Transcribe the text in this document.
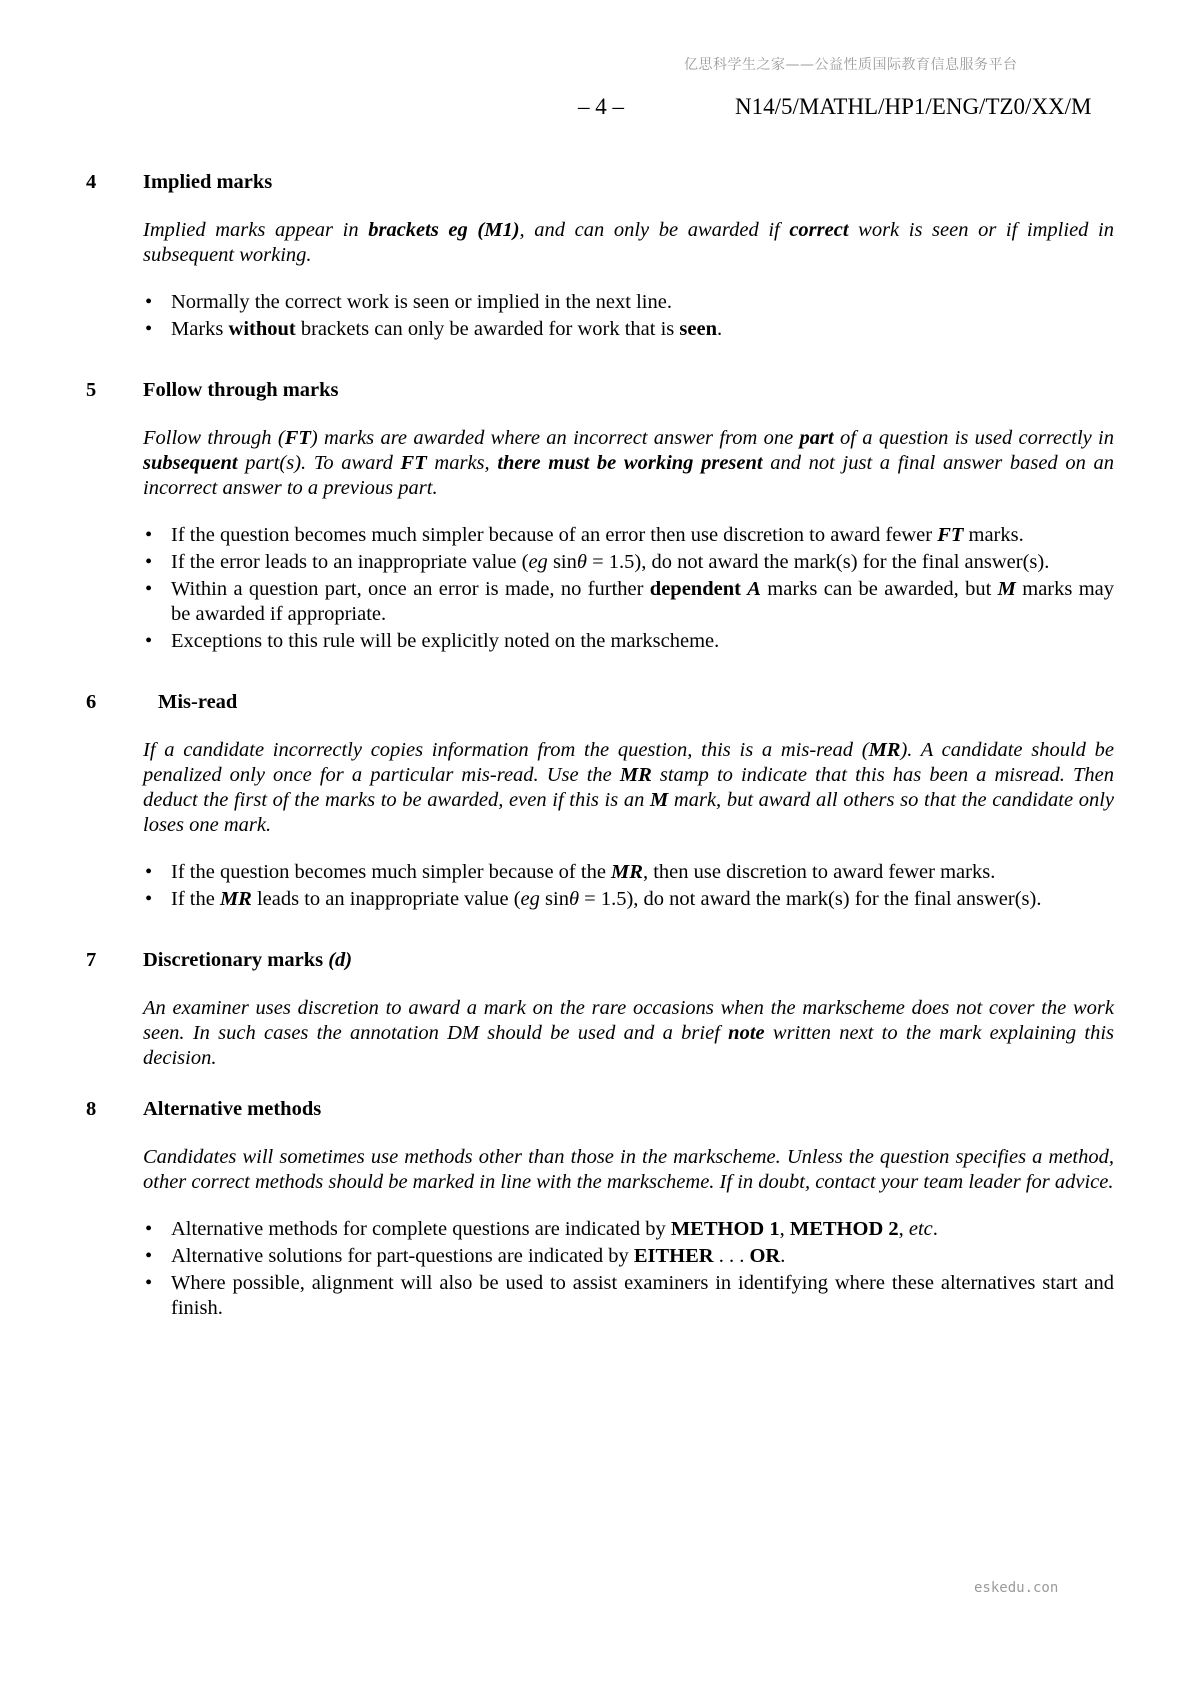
亿思科学生之家——公益性质国际教育信息服务平台
– 4 –	N14/5/MATHL/HP1/ENG/TZ0/XX/M
4 Implied marks

Implied marks appear in brackets eg (M1), and can only be awarded if correct work is seen or if implied in subsequent working.

• Normally the correct work is seen or implied in the next line.
• Marks without brackets can only be awarded for work that is seen.
5 Follow through marks

Follow through (FT) marks are awarded where an incorrect answer from one part of a question is used correctly in subsequent part(s). To award FT marks, there must be working present and not just a final answer based on an incorrect answer to a previous part.

• If the question becomes much simpler because of an error then use discretion to award fewer FT marks.
• If the error leads to an inappropriate value (eg sinθ = 1.5), do not award the mark(s) for the final answer(s).
• Within a question part, once an error is made, no further dependent A marks can be awarded, but M marks may be awarded if appropriate.
• Exceptions to this rule will be explicitly noted on the markscheme.
6	Mis-read

If a candidate incorrectly copies information from the question, this is a mis-read (MR). A candidate should be penalized only once for a particular mis-read. Use the MR stamp to indicate that this has been a misread. Then deduct the first of the marks to be awarded, even if this is an M mark, but award all others so that the candidate only loses one mark.

• If the question becomes much simpler because of the MR, then use discretion to award fewer marks.
• If the MR leads to an inappropriate value (eg sinθ = 1.5), do not award the mark(s) for the final answer(s).
7 Discretionary marks (d)

An examiner uses discretion to award a mark on the rare occasions when the markscheme does not cover the work seen. In such cases the annotation DM should be used and a brief note written next to the mark explaining this decision.

8 Alternative methods

Candidates will sometimes use methods other than those in the markscheme. Unless the question specifies a method, other correct methods should be marked in line with the markscheme. If in doubt, contact your team leader for advice.

• Alternative methods for complete questions are indicated by METHOD 1, METHOD 2, etc.
• Alternative solutions for part-questions are indicated by EITHER . . . OR.
• Where possible, alignment will also be used to assist examiners in identifying where these alternatives start and finish.
eskedu.con
